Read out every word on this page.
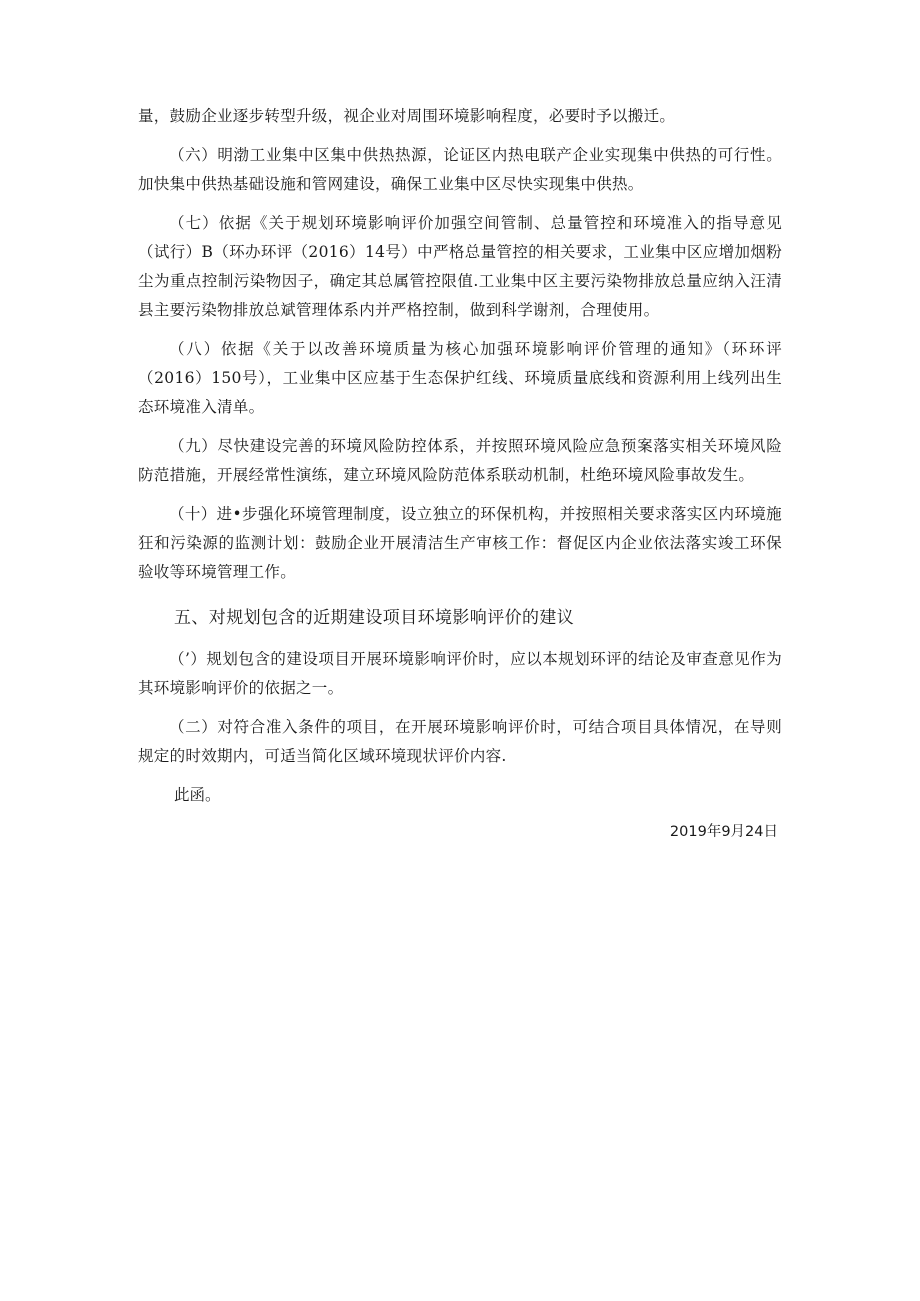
量，鼓励企业逐步转型升级，视企业对周围环境影响程度，必要时予以搬迁。

（六）明渤工业集中区集中供热热源，论证区内热电联产企业实现集中供热的可行性。加快集中供热基础设施和管网建设，确保工业集中区尽快实现集中供热。

（七）依据《关于规划环境影响评价加强空间管制、总量管控和环境准入的指导意见（试行）B（环办环评（2016）14号）中严格总量管控的相关要求，工业集中区应增加烟粉尘为重点控制污染物因子，确定其总属管控限值.工业集中区主要污染物排放总量应纳入汪清县主要污染物排放总斌管理体系内并严格控制，做到科学谢剂，合理使用。

（八）依据《关于以改善环境质量为核心加强环境影响评价管理的通知》（环环评（2016）150号），工业集中区应基于生态保护红线、环境质量底线和资源利用上线列出生态环境准入清单。

（九）尽快建设完善的环境风险防控体系，并按照环境风险应急预案落实相关环境风险防范措施，开展经常性演练，建立环境风险防范体系联动机制，杜绝环境风险事故发生。

（十）进•步强化环境管理制度，设立独立的环保机构，并按照相关要求落实区内环境施狂和污染源的监测计划：鼓励企业开展清洁生产审核工作：督促区内企业依法落实竣工环保验收等环境管理工作。

五、对规划包含的近期建设项目环境影响评价的建议

（’）规划包含的建设项目开展环境影响评价时，应以本规划环评的结论及审查意见作为其环境影响评价的依据之一。

（二）对符合准入条件的项目，在开展环境影响评价时，可结合项目具体情况，在导则规定的时效期内，可适当简化区域环境现状评价内容.

此函。
2019年9月24日
